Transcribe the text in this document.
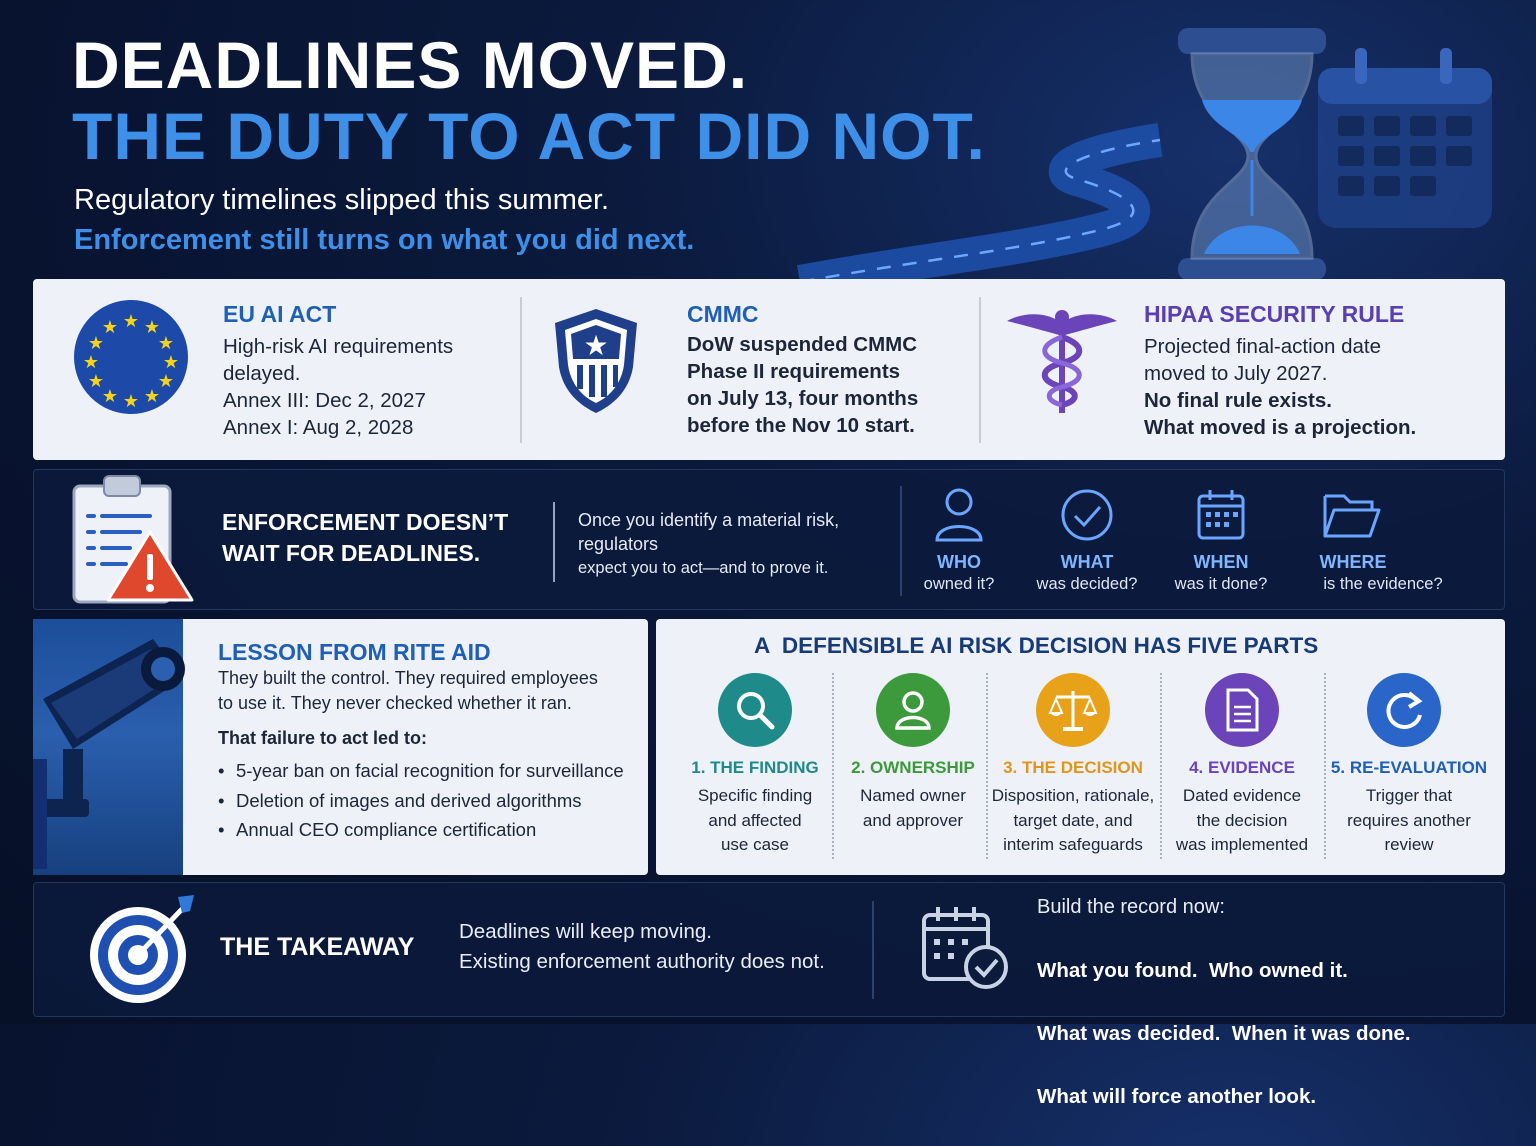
DEADLINES MOVED.
THE DUTY TO ACT DID NOT.
Regulatory timelines slipped this summer.
Enforcement still turns on what you did next.
★ ★
★
★
★
★
★
★
★
★
★
★
EU AI ACT
High-risk AI requirements
delayed.
Annex III: Dec 2, 2027
Annex I: Aug 2, 2028
★
CMMC
DoW suspended CMMC
Phase II requirements
on July 13, four months
before the Nov 10 start.
HIPAA SECURITY RULE
Projected final-action date
moved to July 2027.
No final rule exists.
What moved is a projection.
ENFORCEMENT DOESN’T
WAIT FOR DEADLINES.
Once you identify a material risk,
regulators
expect you to act—and to prove it.	WHO
owned it?
WHAT
was decided?
WHEN
was it done?
WHERE
is the evidence?
LESSON FROM RITE AID
They built the control. They required employees
to use it. They never checked whether it ran.
That failure to act led to:
• 5-year ban on facial recognition for surveillance
• Deletion of images and derived algorithms
• Annual CEO compliance certification
A  DEFENSIBLE AI RISK DECISION HAS FIVE PARTS
1. THE FINDING
Specific finding
and affected
use case
2. OWNERSHIP
Named owner
and approver
3. THE DECISION
Disposition, rationale,
target date, and
interim safeguards
4. EVIDENCE
Dated evidence
the decision
was implemented
5. RE-EVALUATION
Trigger that
requires another
review
THE TAKEAWAY
Deadlines will keep moving.
Existing enforcement authority does not.
Build the record now:

What you found.  Who owned it.

What was decided.  When it was done.

What will force another look.
